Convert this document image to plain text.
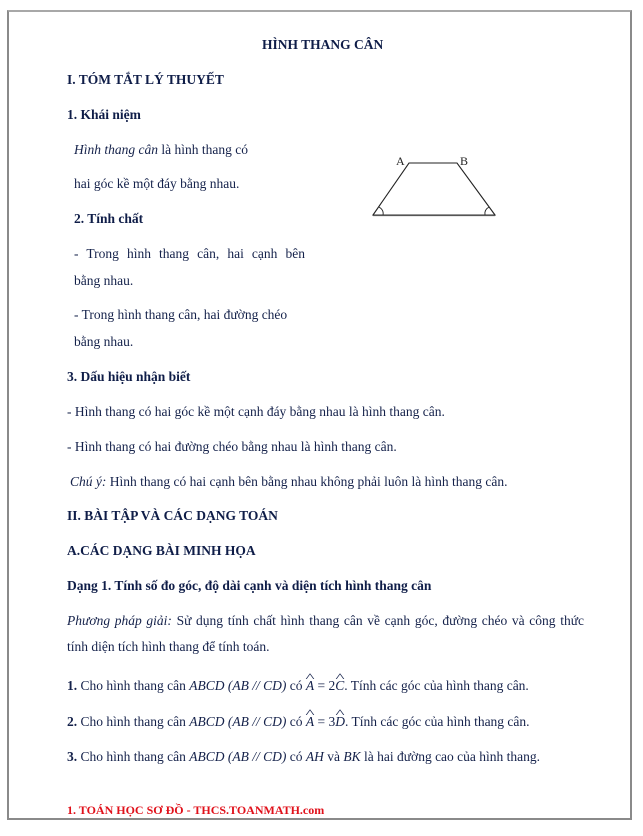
HÌNH THANG CÂN
I. TÓM TẮT LÝ THUYẾT
1. Khái niệm
Hình thang cân là hình thang có
hai góc kề một đáy bằng nhau.
2. Tính chất
- Trong hình thang cân, hai cạnh bên
bằng nhau.
- Trong hình thang cân, hai đường chéo
bằng nhau.
A	B
3. Dấu hiệu nhận biết
- Hình thang có hai góc kề một cạnh đáy bằng nhau là hình thang cân.
- Hình thang có hai đường chéo bằng nhau là hình thang cân.
Chú ý: Hình thang có hai cạnh bên bằng nhau không phải luôn là hình thang cân.
II. BÀI TẬP VÀ CÁC DẠNG TOÁN
A.CÁC DẠNG BÀI MINH HỌA
Dạng 1. Tính số đo góc, độ dài cạnh và diện tích hình thang cân
Phương pháp giải: Sử dụng tính chất hình thang cân về cạnh góc, đường chéo và công thức
tính diện tích hình thang để tính toán.
1. Cho hình thang cân ABCD (AB // CD) có ^ A = 2^ C. Tính các góc của hình thang cân.
2. Cho hình thang cân ABCD (AB // CD) có ^ A = 3^ D. Tính các góc của hình thang cân.
3. Cho hình thang cân ABCD (AB // CD) có AH và BK là hai đường cao của hình thang.
1. TOÁN HỌC SƠ ĐỒ - THCS.TOANMATH.com
